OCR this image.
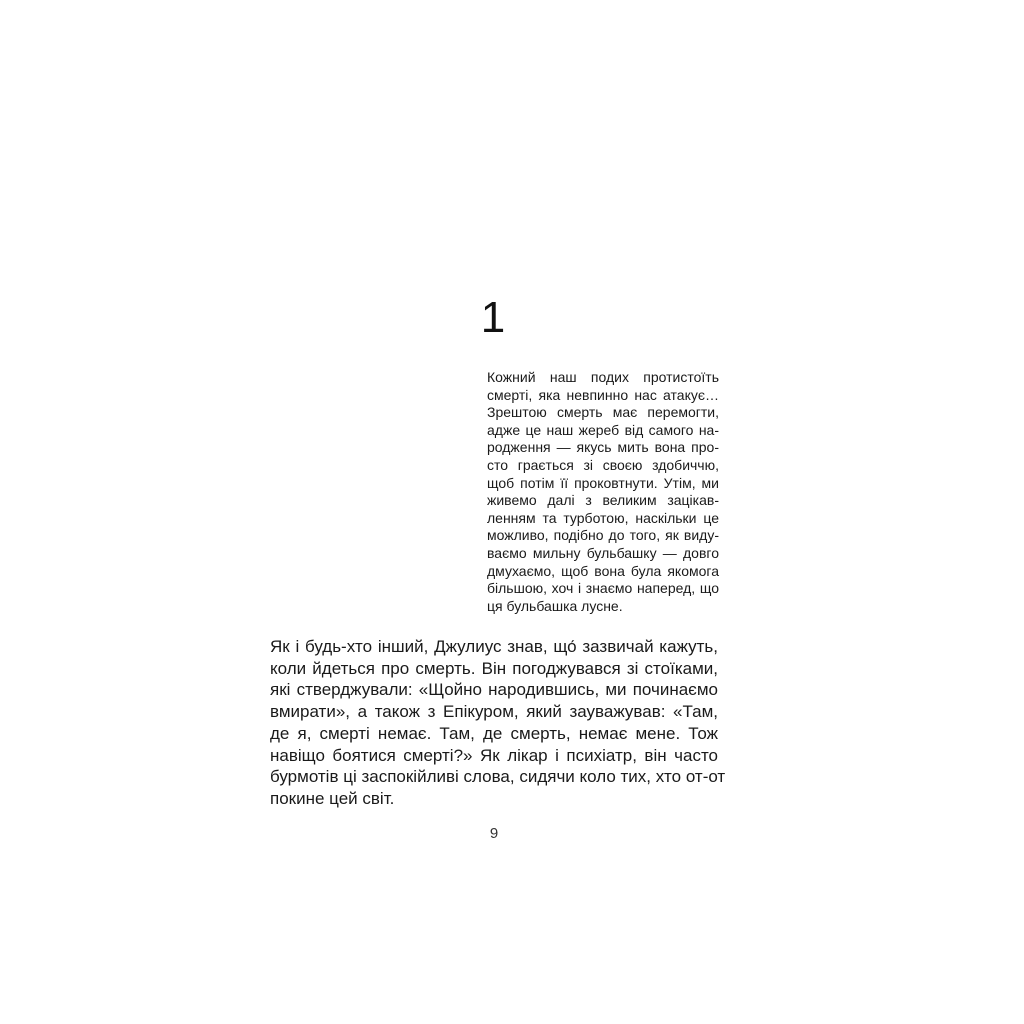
1

Кожний наш подих протистоїть
смерті, яка невпинно нас атакує…
Зрештою смерть має перемогти,
адже це наш жереб від самого на-
родження — якусь мить вона про-
сто грається зі своєю здобиччю,
щоб потім її проковтнути. Утім, ми
живемо далі з великим зацікав-
ленням та турботою, наскільки це
можливо, подібно до того, як виду-
ваємо мильну бульбашку — довго
дмухаємо, щоб вона була якомога
більшою, хоч і знаємо наперед, що
ця бульбашка лусне.

Як і будь-хто інший, Джулиус знав, що́ зазвичай кажуть,
коли йдеться про смерть. Він погоджувався зі стоїками,
які стверджували: «Щойно народившись, ми починаємо
вмирати», а також з Епікуром, який зауважував: «Там,
де я, смерті немає. Там, де смерть, немає мене. Тож
навіщо боятися смерті?» Як лікар і психіатр, він часто
бурмотів ці заспокійливі слова, сидячи коло тих, хто от-от
покине цей світ.

9
